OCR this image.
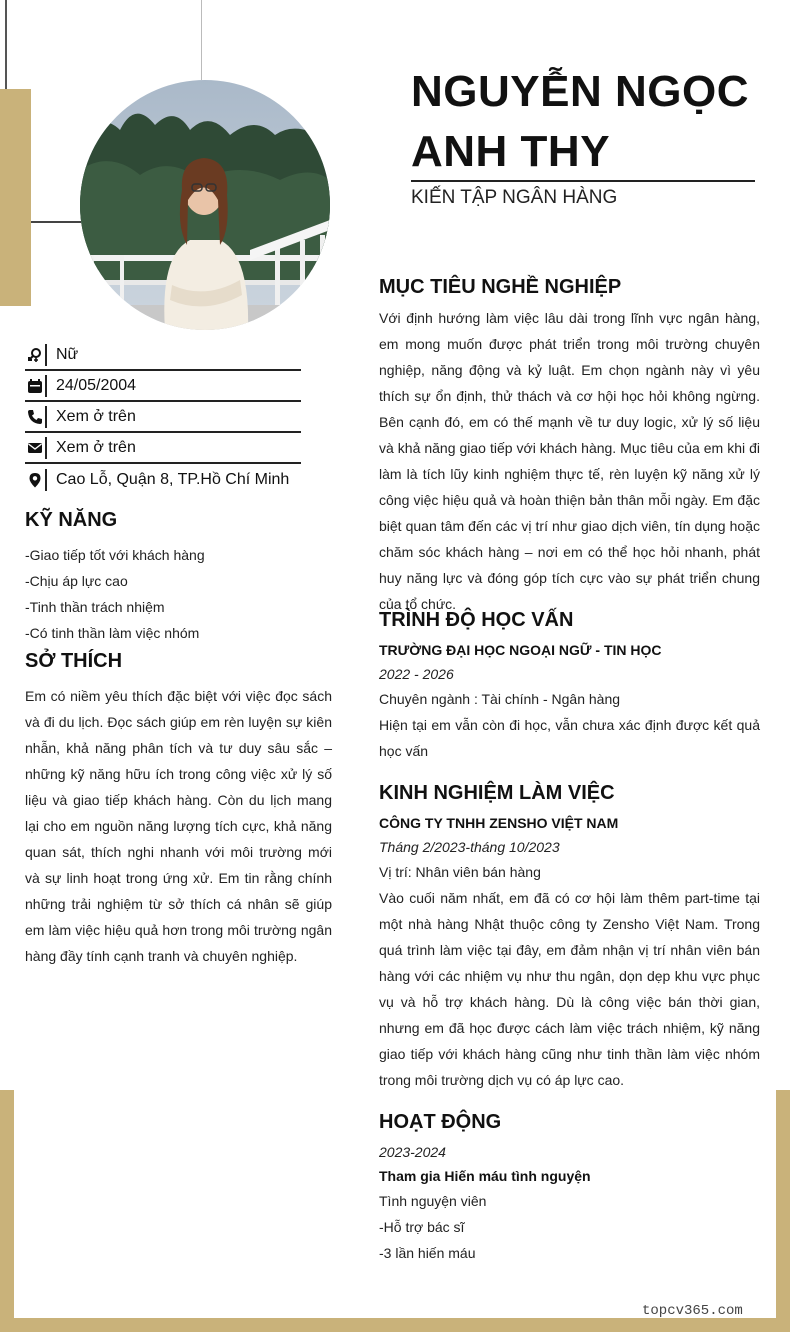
NGUYỄN NGỌC ANH THY
KIẾN TẬP NGÂN HÀNG
Nữ
24/05/2004
Xem ở trên
Xem ở trên
Cao Lỗ, Quận 8, TP.Hồ Chí Minh
KỸ NĂNG
-Giao tiếp tốt với khách hàng
-Chịu áp lực cao
-Tinh thần trách nhiệm
-Có tinh thần làm việc nhóm
SỞ THÍCH
Em có niềm yêu thích đặc biệt với việc đọc sách và đi du lịch. Đọc sách giúp em rèn luyện sự kiên nhẫn, khả năng phân tích và tư duy sâu sắc – những kỹ năng hữu ích trong công việc xử lý số liệu và giao tiếp khách hàng. Còn du lịch mang lại cho em nguồn năng lượng tích cực, khả năng quan sát, thích nghi nhanh với môi trường mới và sự linh hoạt trong ứng xử. Em tin rằng chính những trải nghiệm từ sở thích cá nhân sẽ giúp em làm việc hiệu quả hơn trong môi trường ngân hàng đầy tính cạnh tranh và chuyên nghiệp.
MỤC TIÊU NGHỀ NGHIỆP
Với định hướng làm việc lâu dài trong lĩnh vực ngân hàng, em mong muốn được phát triển trong môi trường chuyên nghiệp, năng động và kỷ luật. Em chọn ngành này vì yêu thích sự ổn định, thử thách và cơ hội học hỏi không ngừng. Bên cạnh đó, em có thế mạnh về tư duy logic, xử lý số liệu và khả năng giao tiếp với khách hàng. Mục tiêu của em khi đi làm là tích lũy kinh nghiệm thực tế, rèn luyện kỹ năng xử lý công việc hiệu quả và hoàn thiện bản thân mỗi ngày. Em đặc biệt quan tâm đến các vị trí như giao dịch viên, tín dụng hoặc chăm sóc khách hàng – nơi em có thể học hỏi nhanh, phát huy năng lực và đóng góp tích cực vào sự phát triển chung của tổ chức.
TRÌNH ĐỘ HỌC VẤN
TRƯỜNG ĐẠI HỌC NGOẠI NGỮ - TIN HỌC
2022 - 2026
Chuyên ngành : Tài chính - Ngân hàng
Hiện tại em vẫn còn đi học, vẫn chưa xác định được kết quả học vấn
KINH NGHIỆM LÀM VIỆC
CÔNG TY TNHH ZENSHO VIỆT NAM
Tháng 2/2023-tháng 10/2023
Vị trí: Nhân viên bán hàng
Vào cuối năm nhất, em đã có cơ hội làm thêm part-time tại một nhà hàng Nhật thuộc công ty Zensho Việt Nam. Trong quá trình làm việc tại đây, em đảm nhận vị trí nhân viên bán hàng với các nhiệm vụ như thu ngân, dọn dẹp khu vực phục vụ và hỗ trợ khách hàng. Dù là công việc bán thời gian, nhưng em đã học được cách làm việc trách nhiệm, kỹ năng giao tiếp với khách hàng cũng như tinh thần làm việc nhóm trong môi trường dịch vụ có áp lực cao.
HOẠT ĐỘNG
2023-2024
Tham gia Hiến máu tình nguyện
Tình nguyện viên
-Hỗ trợ bác sĩ
-3 lần hiến máu
topcv365.com
